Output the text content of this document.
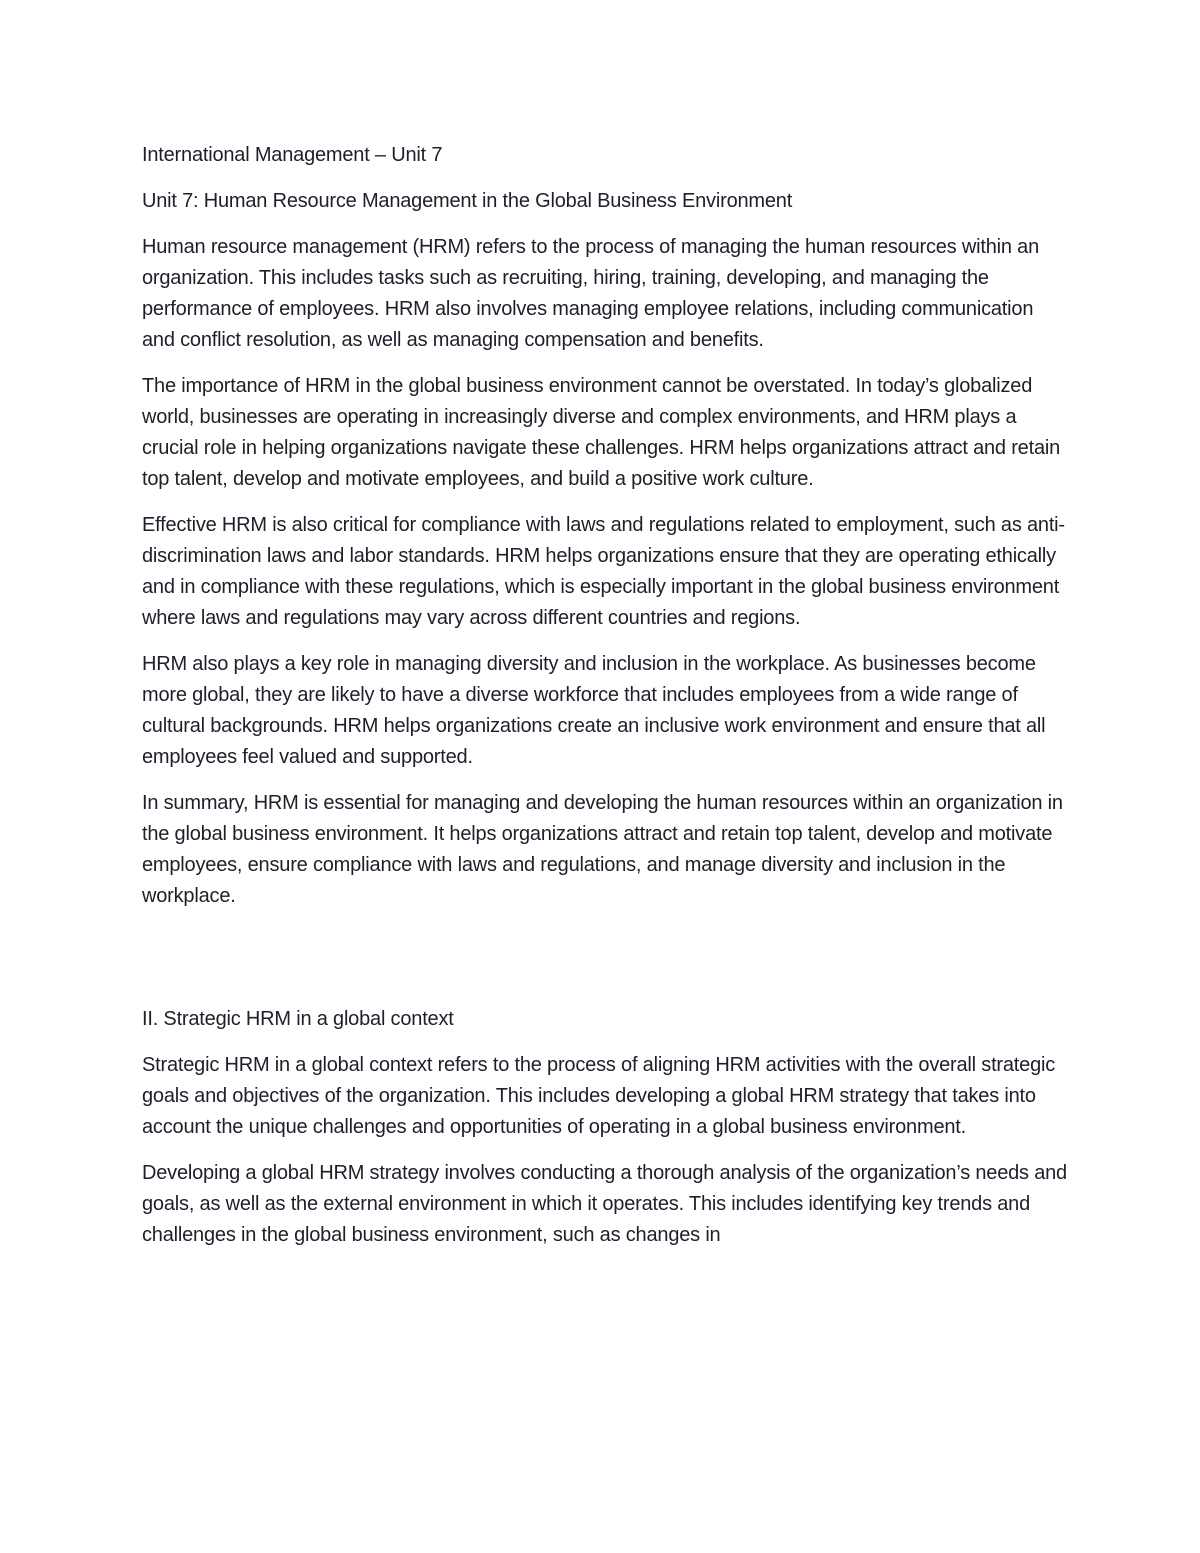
International Management – Unit 7

Unit 7: Human Resource Management in the Global Business Environment

Human resource management (HRM) refers to the process of managing the human resources within an organization. This includes tasks such as recruiting, hiring, training, developing, and managing the performance of employees. HRM also involves managing employee relations, including communication and conflict resolution, as well as managing compensation and benefits.

The importance of HRM in the global business environment cannot be overstated. In today’s globalized world, businesses are operating in increasingly diverse and complex environments, and HRM plays a crucial role in helping organizations navigate these challenges. HRM helps organizations attract and retain top talent, develop and motivate employees, and build a positive work culture.

Effective HRM is also critical for compliance with laws and regulations related to employment, such as anti-discrimination laws and labor standards. HRM helps organizations ensure that they are operating ethically and in compliance with these regulations, which is especially important in the global business environment where laws and regulations may vary across different countries and regions.

HRM also plays a key role in managing diversity and inclusion in the workplace. As businesses become more global, they are likely to have a diverse workforce that includes employees from a wide range of cultural backgrounds. HRM helps organizations create an inclusive work environment and ensure that all employees feel valued and supported.

In summary, HRM is essential for managing and developing the human resources within an organization in the global business environment. It helps organizations attract and retain top talent, develop and motivate employees, ensure compliance with laws and regulations, and manage diversity and inclusion in the workplace.

II. Strategic HRM in a global context

Strategic HRM in a global context refers to the process of aligning HRM activities with the overall strategic goals and objectives of the organization. This includes developing a global HRM strategy that takes into account the unique challenges and opportunities of operating in a global business environment.

Developing a global HRM strategy involves conducting a thorough analysis of the organization’s needs and goals, as well as the external environment in which it operates. This includes identifying key trends and challenges in the global business environment, such as changes in
